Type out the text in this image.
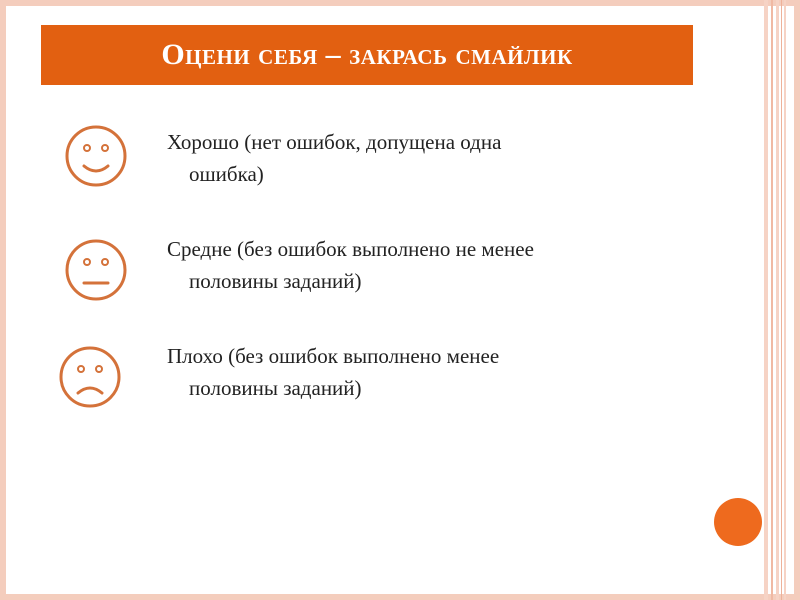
Оцени себя – закрась смайлик
Хорошо (нет ошибок, допущена одна
ошибка)
Средне (без ошибок выполнено не менее
половины заданий)
Плохо (без ошибок выполнено менее
половины заданий)
